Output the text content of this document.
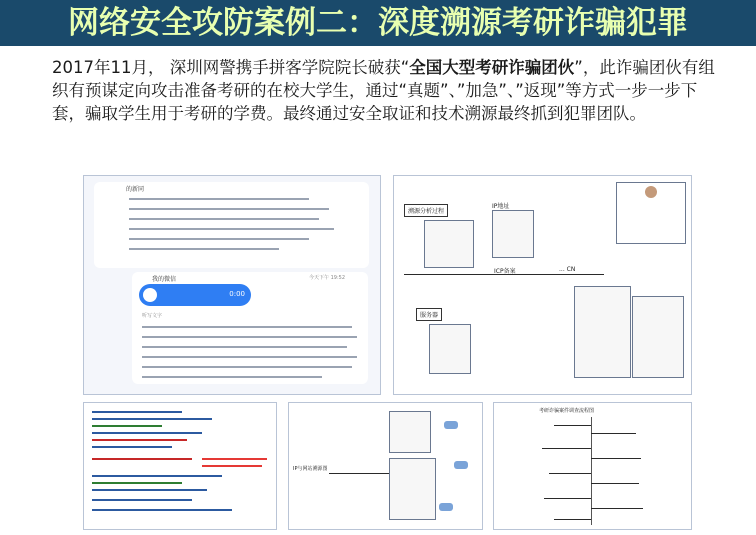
网络安全攻防案例二：深度溯源考研诈骗犯罪
2017年11月， 深圳网警携手拼客学院院长破获“全国大型考研诈骗团伙”，此诈骗团伙有组织有预谋定向攻击准备考研的在校大学生，通过“真题”、”加急”、”返现”等方式一步一步下套，骗取学生用于考研的学费。最终通过安全取证和技术溯源最终抓到犯罪团队。
的新同
我的微信	今天下午 19:52
0:00
听写文字
溯源分析过程
IP地址
ICP备案	... CN
服务器
IP与网站溯源图
考研诈骗案件调查流程图
